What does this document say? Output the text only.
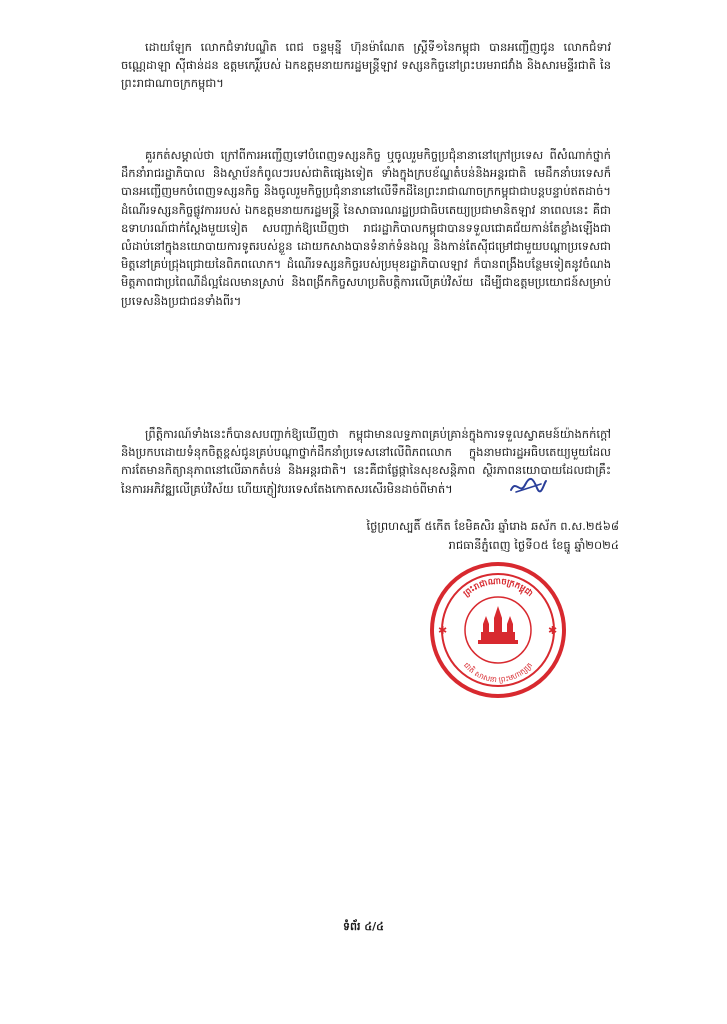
ដោយឡែក លោកជំទាវបណ្ឌិត ពេជ ចន្ទមុន្នី ហ៊ុនម៉ាណែត ស្ត្រីទី១នៃកម្ពុជា បានអញ្ជើញជូន លោកជំទាវ ចណ្ណេដាឡា ស៊ីផាន់ដន ឧត្តមកេរ្តិ៍របស់ ឯកឧត្តមនាយករដ្ឋមន្ត្រីឡាវ ទស្សនកិច្ចនៅព្រះបរមរាជវាំង និងសារមន្ទីរជាតិ នៃព្រះរាជាណាចក្រកម្ពុជា។

គួរកត់សម្គាល់ថា ក្រៅពីការអញ្ជើញទៅបំពេញទស្សនកិច្ច ឬចូលរួមកិច្ចប្រជុំនានានៅក្រៅប្រទេស ពីសំណាក់ថ្នាក់ដឹកនាំរាជរដ្ឋាភិបាល និងស្ថាប័នកំពូលៗរបស់ជាតិផ្សេងទៀត ទាំងក្នុងក្របខ័ណ្ឌតំបន់និងអន្តរជាតិ មេដឹកនាំបរទេសក៏បានអញ្ជើញមកបំពេញទស្សនកិច្ច និងចូលរួមកិច្ចប្រជុំនានានៅលើទឹកដីនៃព្រះរាជាណាចក្រកម្ពុជាជាបន្តបន្ទាប់ឥតដាច់។ ដំណើរទស្សនកិច្ចផ្លូវការរបស់ ឯកឧត្តមនាយករដ្ឋមន្ត្រី នៃសាធារណរដ្ឋប្រជាធិបតេយ្យប្រជាមានិតឡាវ នាពេលនេះ គឺជាឧទាហរណ៍ជាក់ស្តែងមួយទៀត សបញ្ជាក់ឱ្យឃើញថា រាជរដ្ឋាភិបាលកម្ពុជាបានទទួលជោគជ័យកាន់តែខ្លាំងឡើងជាលំដាប់នៅក្នុងនយោបាយការទូតរបស់ខ្លួន ដោយកសាងបានទំនាក់ទំនងល្អ និងកាន់តែស៊ីជម្រៅជាមួយបណ្តាប្រទេសជាមិត្តនៅគ្រប់ជ្រុងជ្រោយនៃពិភពលោក។ ដំណើរទស្សនកិច្ចរបស់ប្រមុខរដ្ឋាភិបាលឡាវ ក៏បានពង្រឹងបន្ថែមទៀតនូវចំណងមិត្តភាពជាប្រពៃណីដ៏ល្អដែលមានស្រាប់ និងពង្រីកកិច្ចសហប្រតិបត្តិការលើគ្រប់វិស័យ ដើម្បីជាឧត្តមប្រយោជន៍សម្រាប់ប្រទេសនិងប្រជាជនទាំងពីរ។

ព្រឹត្តិការណ៍ទាំងនេះក៏បានសបញ្ជាក់ឱ្យឃើញថា កម្ពុជាមានលទ្ធភាពគ្រប់គ្រាន់ក្នុងការទទួលស្វាគមន៍យ៉ាងកក់ក្តៅនិងប្រកបដោយទំនុកចិត្តខ្ពស់ជូនគ្រប់បណ្តាថ្នាក់ដឹកនាំប្រទេសនៅលើពិភពលោក ក្នុងនាមជារដ្ឋអធិបតេយ្យមួយដែលការតែមានកិត្យានុភាពនៅលើឆាកតំបន់ និងអន្តរជាតិ។ នេះគឺជាផ្លែផ្កានៃសុខសន្តិភាព ស្ថិរភាពនយោបាយដែលជាគ្រឹះនៃការអភិវឌ្ឍលើគ្រប់វិស័យ ហើយភ្ញៀវបរទេសតែងកោតសរសើរមិនដាច់ពីមាត់។

ថ្ងៃព្រហស្បតិ៍ ៥កើត ខែមិគសិរ ឆ្នាំរោង ឆស័ក ព.ស.២៥៦៨
រាជធានីភ្នំពេញ ថ្ងៃទី០៥ ខែធ្នូ ឆ្នាំ២០២៤
ព្រះរាជាណាចក្រកម្ពុជា
ជាតិ សាសនា ព្រះមហាក្សត្រ
✱	✱
ទំព័រ ៤/៤
